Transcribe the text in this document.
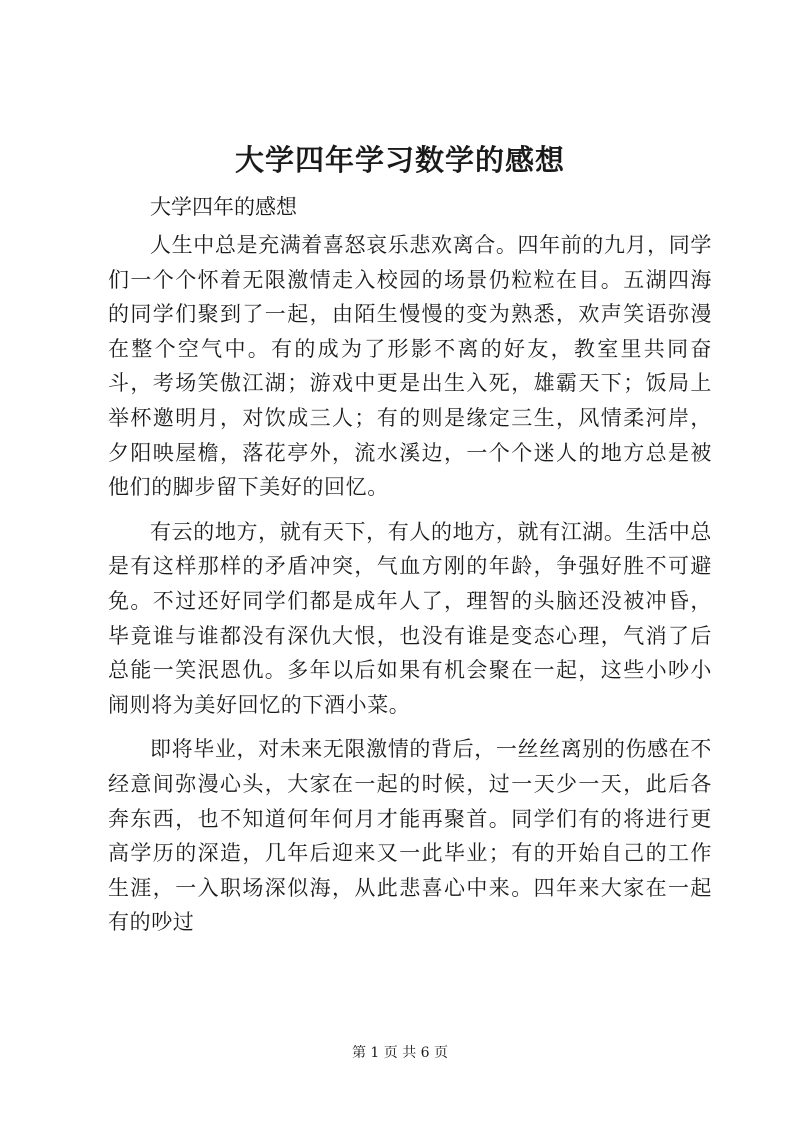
大学四年学习数学的感想
大学四年的感想

人生中总是充满着喜怒哀乐悲欢离合。四年前的九月，同学们一个个怀着无限激情走入校园的场景仍粒粒在目。五湖四海的同学们聚到了一起，由陌生慢慢的变为熟悉，欢声笑语弥漫在整个空气中。有的成为了形影不离的好友，教室里共同奋斗，考场笑傲江湖；游戏中更是出生入死，雄霸天下；饭局上举杯邀明月，对饮成三人；有的则是缘定三生，风情柔河岸，夕阳映屋檐，落花亭外，流水溪边，一个个迷人的地方总是被他们的脚步留下美好的回忆。

有云的地方，就有天下，有人的地方，就有江湖。生活中总是有这样那样的矛盾冲突，气血方刚的年龄，争强好胜不可避免。不过还好同学们都是成年人了，理智的头脑还没被冲昏，毕竟谁与谁都没有深仇大恨，也没有谁是变态心理，气消了后总能一笑泯恩仇。多年以后如果有机会聚在一起，这些小吵小闹则将为美好回忆的下酒小菜。

即将毕业，对未来无限激情的背后，一丝丝离别的伤感在不经意间弥漫心头，大家在一起的时候，过一天少一天，此后各奔东西，也不知道何年何月才能再聚首。同学们有的将进行更高学历的深造，几年后迎来又一此毕业；有的开始自己的工作生涯，一入职场深似海，从此悲喜心中来。四年来大家在一起有的吵过

第 1 页 共 6 页
